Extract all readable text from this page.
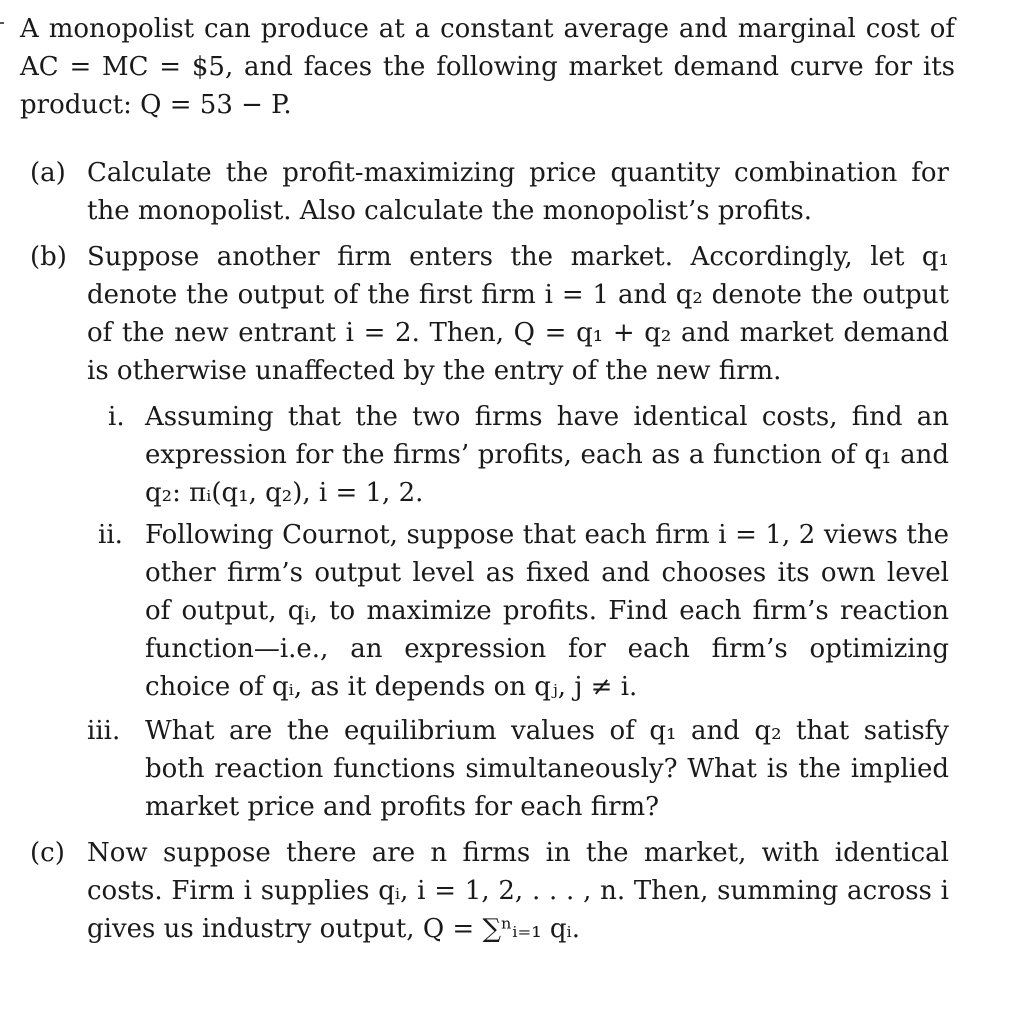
A monopolist can produce at a constant average and marginal cost of AC = MC = $5, and faces the following market demand curve for its product: Q = 53 − P.

(a) Calculate the profit-maximizing price quantity combination for the monopolist. Also calculate the monopolist’s profits.

(b) Suppose another firm enters the market. Accordingly, let q₁ denote the output of the first firm i = 1 and q₂ denote the output of the new entrant i = 2. Then, Q = q₁ + q₂ and market demand is otherwise unaffected by the entry of the new firm.

i. Assuming that the two firms have identical costs, find an expression for the firms’ profits, each as a function of q₁ and q₂: πᵢ(q₁, q₂), i = 1, 2.

ii. Following Cournot, suppose that each firm i = 1, 2 views the other firm’s output level as fixed and chooses its own level of output, qᵢ, to maximize profits. Find each firm’s reaction function—i.e., an expression for each firm’s optimizing choice of qᵢ, as it depends on qⱼ, j ≠ i.

iii. What are the equilibrium values of q₁ and q₂ that satisfy both reaction functions simultaneously? What is the implied market price and profits for each firm?

(c) Now suppose there are n firms in the market, with identical costs. Firm i supplies qᵢ, i = 1, 2, . . . , n. Then, summing across i gives us industry output, Q = ∑ⁿᵢ₌₁ qᵢ.
